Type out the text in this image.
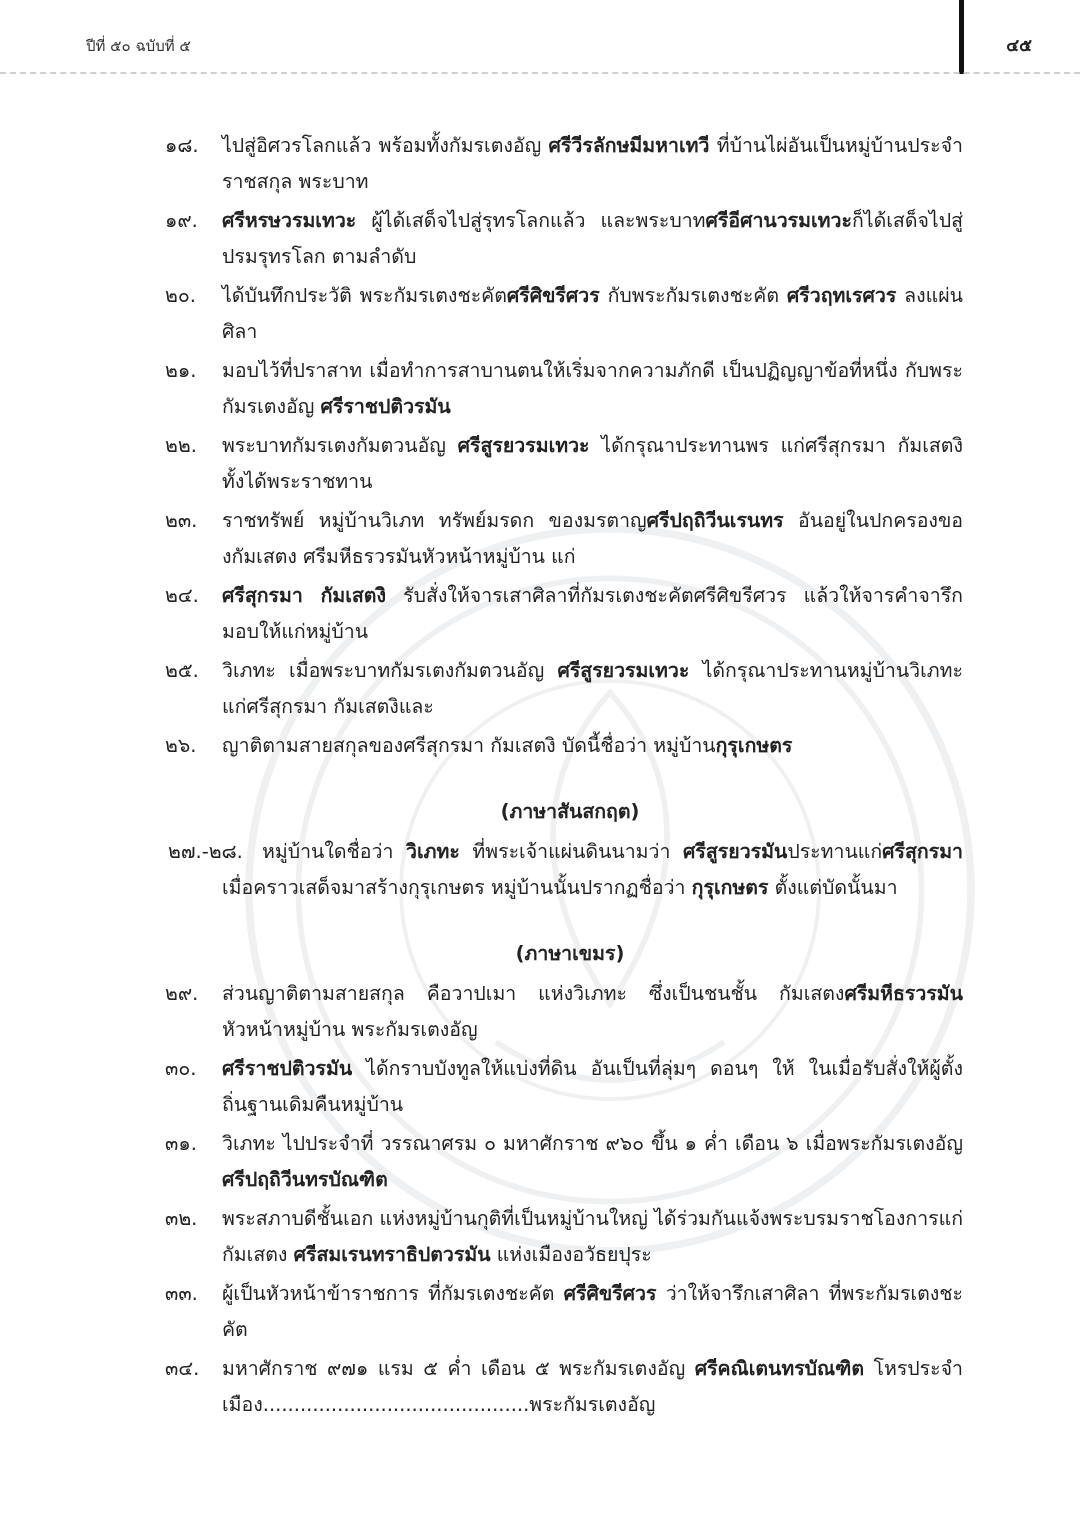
ปีที่ ๕๐ ฉบับที่ ๕	๔๕
๑๘. ไปสู่อิศวรโลกแล้ว พร้อมทั้งกัมรเตงอัญ ศรีวีรลักษมีมหาเทวี ที่บ้านไผ่อันเป็นหมู่บ้านประจำราชสกุล พระบาท
๑๙. ศรีหรษวรมเทวะ ผู้ได้เสด็จไปสู่รุทรโลกแล้ว และพระบาทศรีอีศานวรมเทวะก็ได้เสด็จไปสู่ปรมรุทรโลก ตามลำดับ
๒๐. ได้บันทึกประวัติ พระกัมรเตงชะคัตศรีศิขรีศวร กับพระกัมรเตงชะคัต ศรีวฤทเรศวร ลงแผ่นศิลา
๒๑. มอบไว้ที่ปราสาท เมื่อทำการสาบานตนให้เริ่มจากความภักดี เป็นปฏิญญาข้อที่หนึ่ง กับพระกัมรเตงอัญ ศรีราชปติวรมัน
๒๒. พระบาทกัมรเตงกัมตวนอัญ ศรีสูรยวรมเทวะ ได้กรุณาประทานพร แก่ศรีสุกรมา กัมเสตงิ ทั้งได้พระราชทาน
๒๓. ราชทรัพย์ หมู่บ้านวิเภท ทรัพย์มรดก ของมรตาญศรีปฤถิวีนเรนทร อันอยู่ในปกครองของกัมเสตง ศรีมหีธรวรมันหัวหน้าหมู่บ้าน แก่
๒๔. ศรีสุกรมา กัมเสตงิ รับสั่งให้จารเสาศิลาที่กัมรเตงชะคัตศรีศิขรีศวร แล้วให้จารคำจารึกมอบให้แก่หมู่บ้าน
๒๕. วิเภทะ เมื่อพระบาทกัมรเตงกัมตวนอัญ ศรีสูรยวรมเทวะ ได้กรุณาประทานหมู่บ้านวิเภทะแก่ศรีสุกรมา กัมเสตงิและ
๒๖. ญาติตามสายสกุลของศรีสุกรมา กัมเสตงิ บัดนี้ชื่อว่า หมู่บ้านกุรุเกษตร
(ภาษาสันสกฤต)
๒๗.-๒๘. หมู่บ้านใดชื่อว่า วิเภทะ ที่พระเจ้าแผ่นดินนามว่า ศรีสูรยวรมันประทานแก่ศรีสุกรมา เมื่อคราวเสด็จมาสร้างกุรุเกษตร หมู่บ้านนั้นปรากฏชื่อว่า กุรุเกษตร ตั้งแต่บัดนั้นมา
(ภาษาเขมร)
๒๙. ส่วนญาติตามสายสกุล คือวาปเมา แห่งวิเภทะ ซึ่งเป็นชนชั้น กัมเสตงศรีมหีธรวรมัน หัวหน้าหมู่บ้าน พระกัมรเตงอัญ
๓๐. ศรีราชปติวรมัน ได้กราบบังทูลให้แบ่งที่ดิน อันเป็นที่ลุ่มๆ ดอนๆ ให้ ในเมื่อรับสั่งให้ผู้ตั้งถิ่นฐานเดิมคืนหมู่บ้าน
๓๑. วิเภทะ ไปประจำที่ วรรณาศรม ๐ มหาศักราช ๙๖๐ ขึ้น ๑ ค่ำ เดือน ๖ เมื่อพระกัมรเตงอัญ ศรีปฤถิวีนทรบัณฑิต
๓๒. พระสภาบดีชั้นเอก แห่งหมู่บ้านกุติที่เป็นหมู่บ้านใหญ่ ได้ร่วมกันแจ้งพระบรมราชโองการแก่กัมเสตง ศรีสมเรนทราธิปตวรมัน แห่งเมืองอวัธยปุระ
๓๓. ผู้เป็นหัวหน้าข้าราชการ ที่กัมรเตงชะคัต ศรีศิขรีศวร ว่าให้จารึกเสาศิลา ที่พระกัมรเตงชะคัต
๓๔. มหาศักราช ๙๗๑ แรม ๕ ค่ำ เดือน ๕ พระกัมรเตงอัญ ศรีคณิเตนทรบัณฑิต โหรประจำเมือง...........................................พระกัมรเตงอัญ
